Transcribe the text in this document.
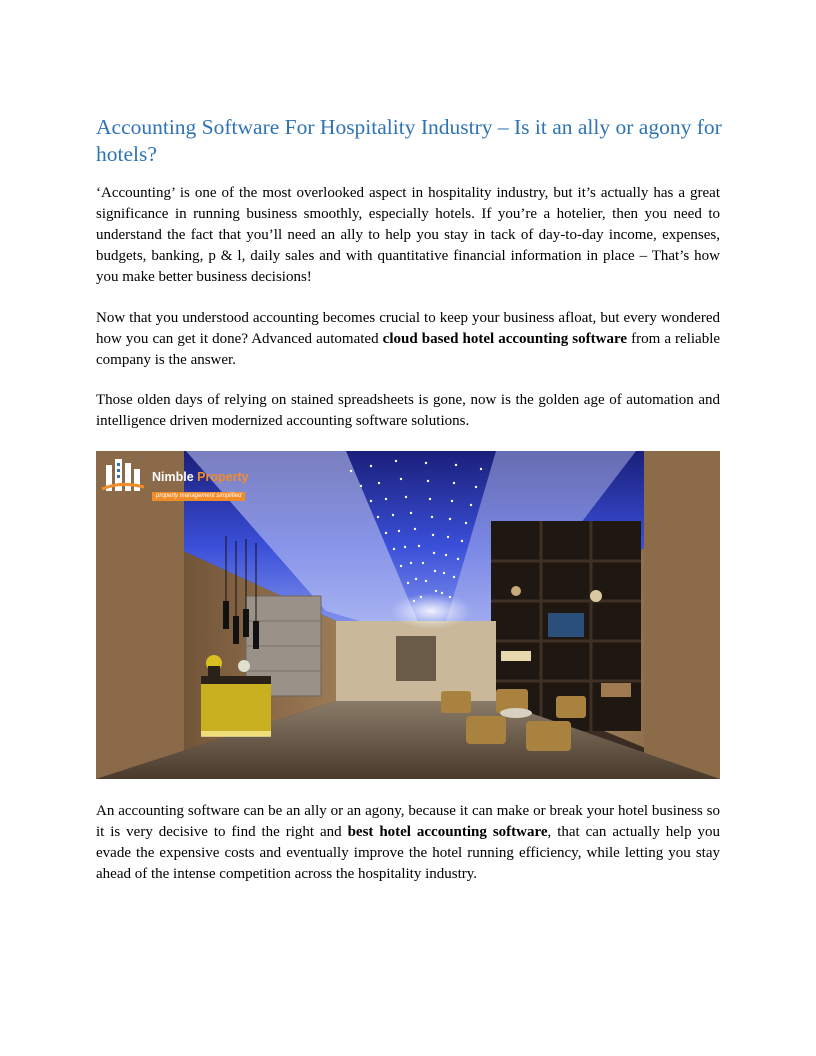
Accounting Software For Hospitality Industry – Is it an ally or agony for hotels?

‘Accounting’ is one of the most overlooked aspect in hospitality industry, but it’s actually has a great significance in running business smoothly, especially hotels. If you’re a hotelier, then you need to understand the fact that you’ll need an ally to help you stay in tack of day-to-day income, expenses, budgets, banking, p & l, daily sales and with quantitative financial information in place – That’s how you make better business decisions!

Now that you understood accounting becomes crucial to keep your business afloat, but every wondered how you can get it done? Advanced automated cloud based hotel accounting software from a reliable company is the answer.

Those olden days of relying on stained spreadsheets is gone, now is the golden age of automation and intelligence driven modernized accounting software solutions.

Nimble Property
property management simplified

An accounting software can be an ally or an agony, because it can make or break your hotel business so it is very decisive to find the right and best hotel accounting software, that can actually help you evade the expensive costs and eventually improve the hotel running efficiency, while letting you stay ahead of the intense competition across the hospitality industry.
